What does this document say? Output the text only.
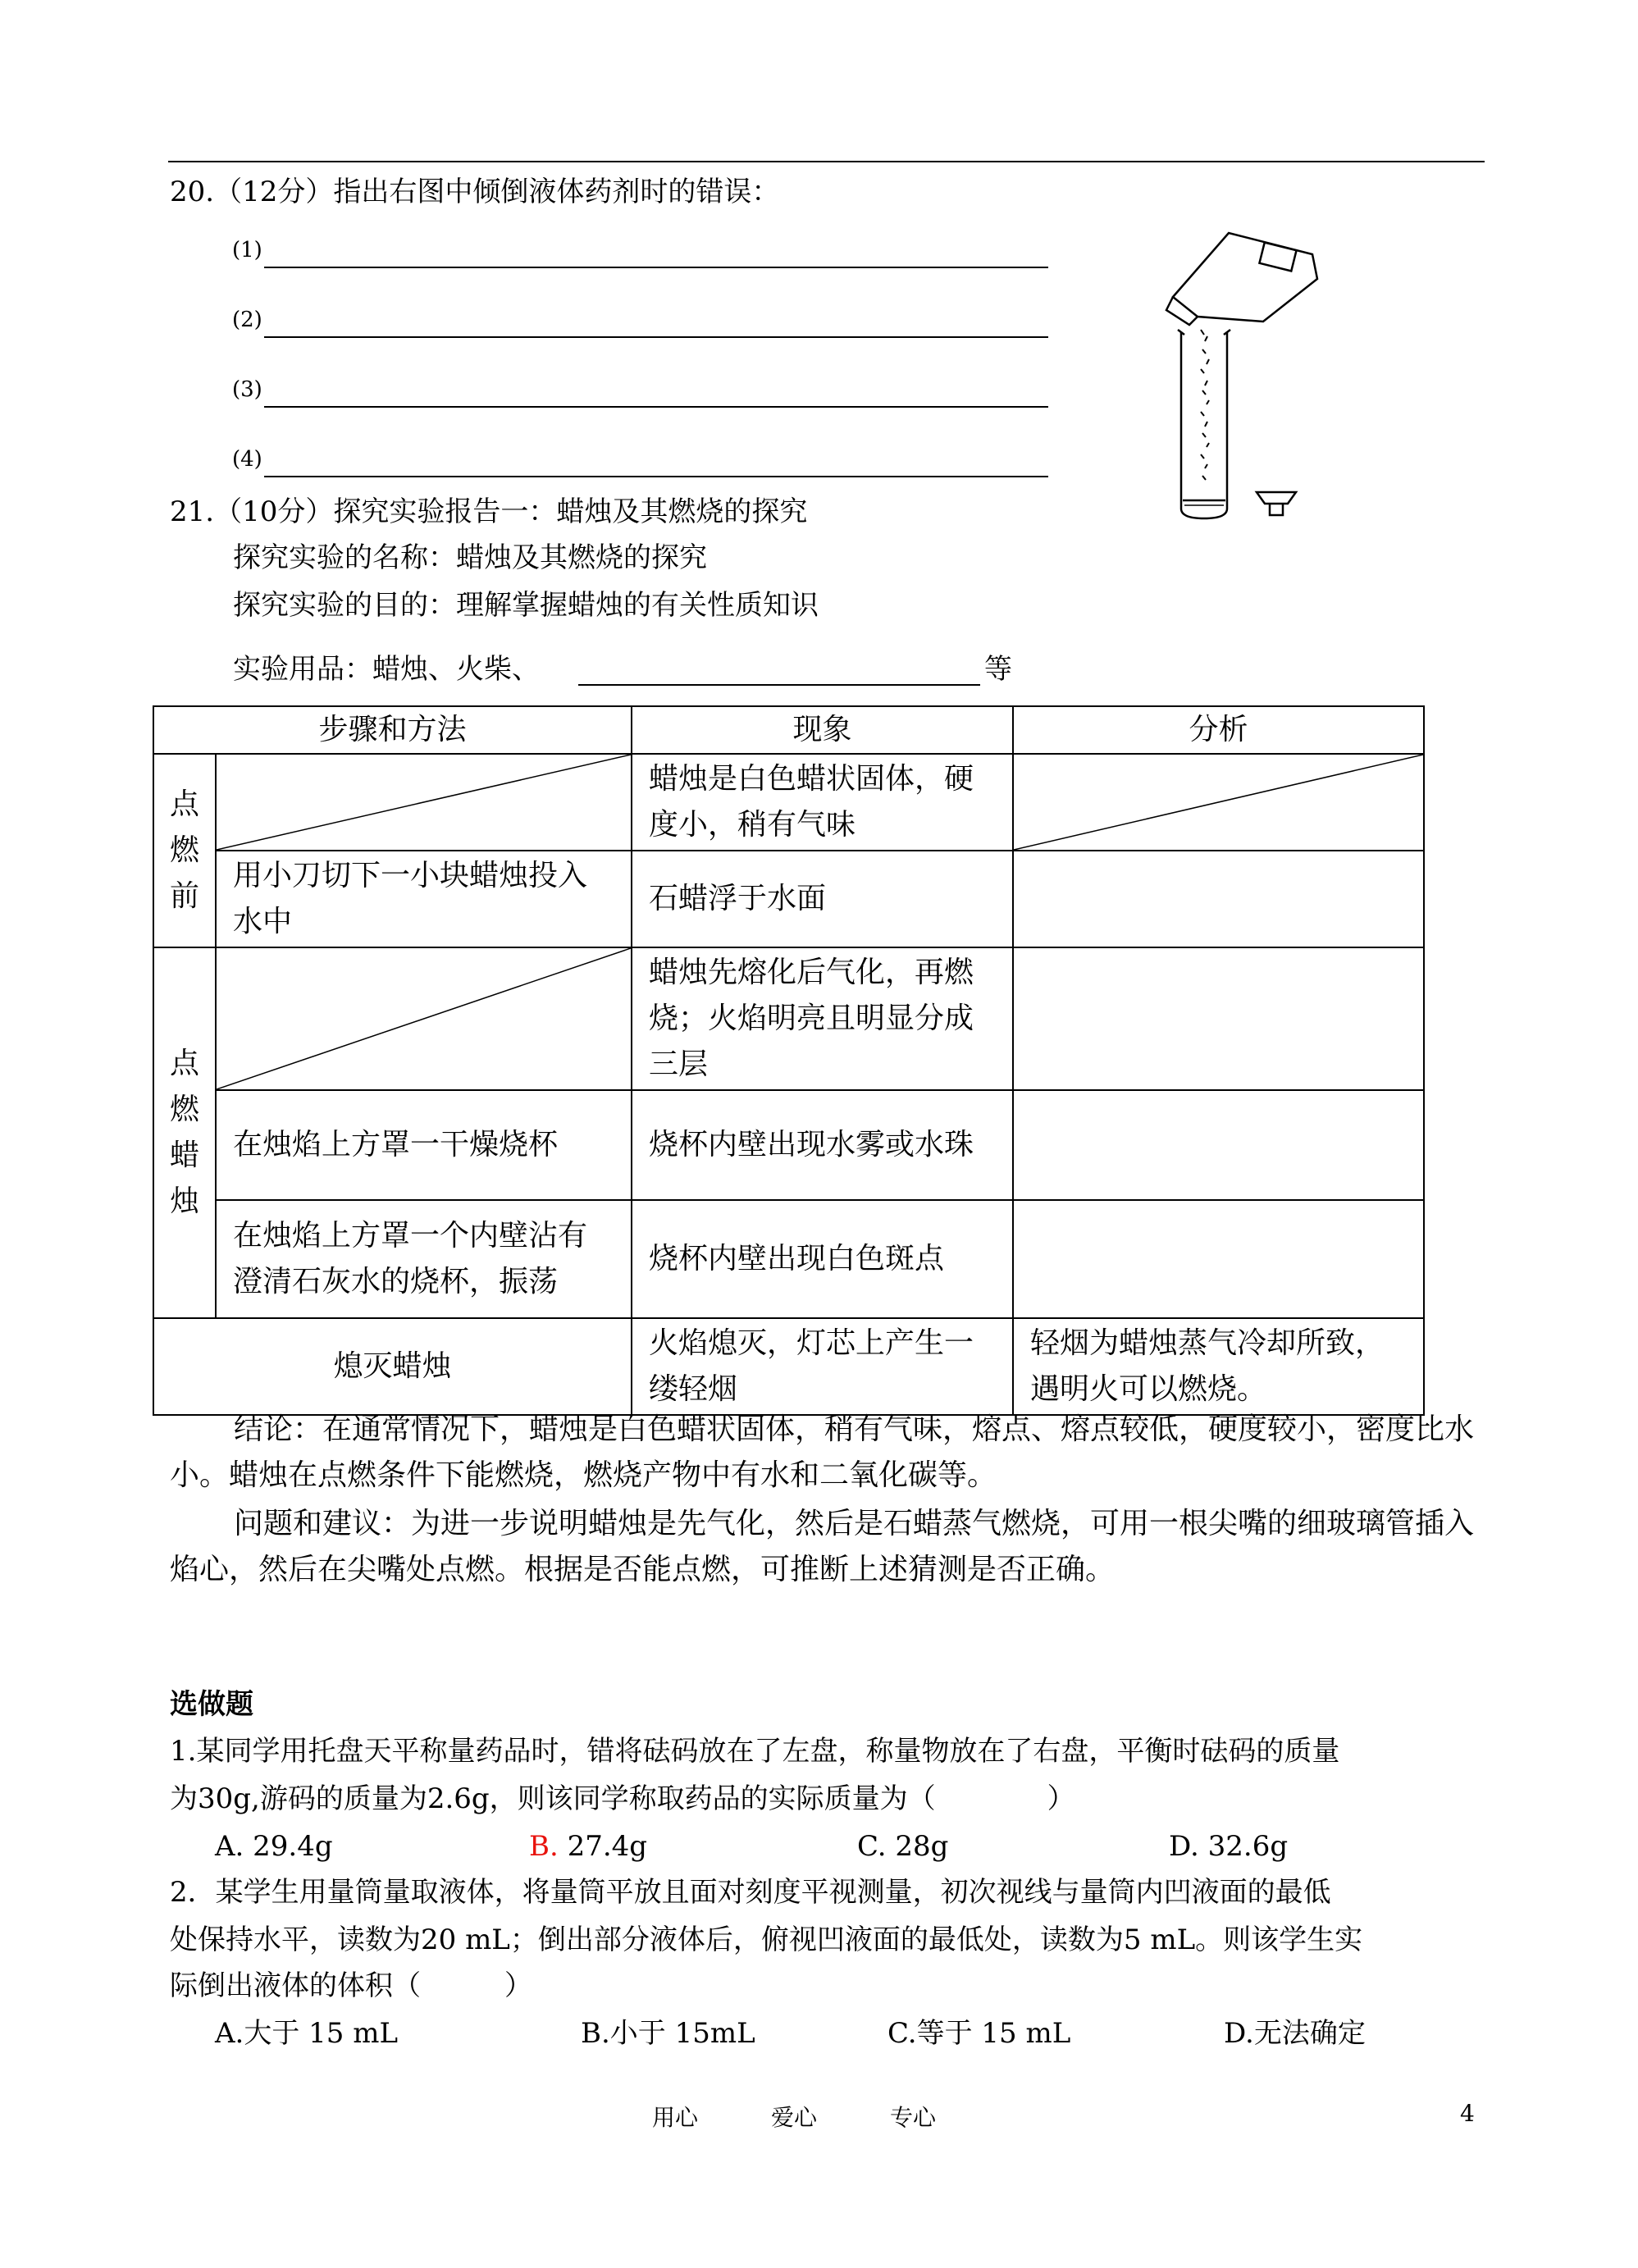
20.（12分）指出右图中倾倒液体药剂时的错误：
(1)
(2)
(3)
(4)
21.（10分）探究实验报告一：蜡烛及其燃烧的探究
探究实验的名称：蜡烛及其燃烧的探究
探究实验的目的：理解掌握蜡烛的有关性质知识
实验用品：蜡烛、火柴、	等
步骤和方法		现象	分析

点燃前		蜡烛是白色蜡状固体，硬度小，稍有气味	

	用小刀切下一小块蜡烛投入水中	石蜡浮于水面	

点燃蜡烛		蜡烛先熔化后气化，再燃烧；火焰明亮且明显分成三层	
	在烛焰上方罩一干燥烧杯	烧杯内壁出现水雾或水珠	
	在烛焰上方罩一个内壁沾有澄清石灰水的烧杯，振荡	烧杯内壁出现白色斑点	
熄灭蜡烛		火焰熄灭，灯芯上产生一缕轻烟	轻烟为蜡烛蒸气冷却所致，遇明火可以燃烧。
结论：在通常情况下，蜡烛是白色蜡状固体，稍有气味，熔点、熔点较低，硬度较小，密度比水小。蜡烛在点燃条件下能燃烧，燃烧产物中有水和二氧化碳等。
问题和建议：为进一步说明蜡烛是先气化，然后是石蜡蒸气燃烧，可用一根尖嘴的细玻璃管插入焰心，然后在尖嘴处点燃。根据是否能点燃，可推断上述猜测是否正确。
选做题
1.某同学用托盘天平称量药品时，错将砝码放在了左盘，称量物放在了右盘，平衡时砝码的质量
为30g,游码的质量为2.6g，则该同学称取药品的实际质量为（　　　　）
A. 29.4g	B. 27.4g	C. 28g	D. 32.6g
2．某学生用量筒量取液体，将量筒平放且面对刻度平视测量，初次视线与量筒内凹液面的最低
处保持水平，读数为20 mL；倒出部分液体后，俯视凹液面的最低处，读数为5 mL。则该学生实
际倒出液体的体积（　　　）
A.大于 15 mL	B.小于 15mL	C.等于 15 mL	D.无法确定
用心	爱心	专心	4
